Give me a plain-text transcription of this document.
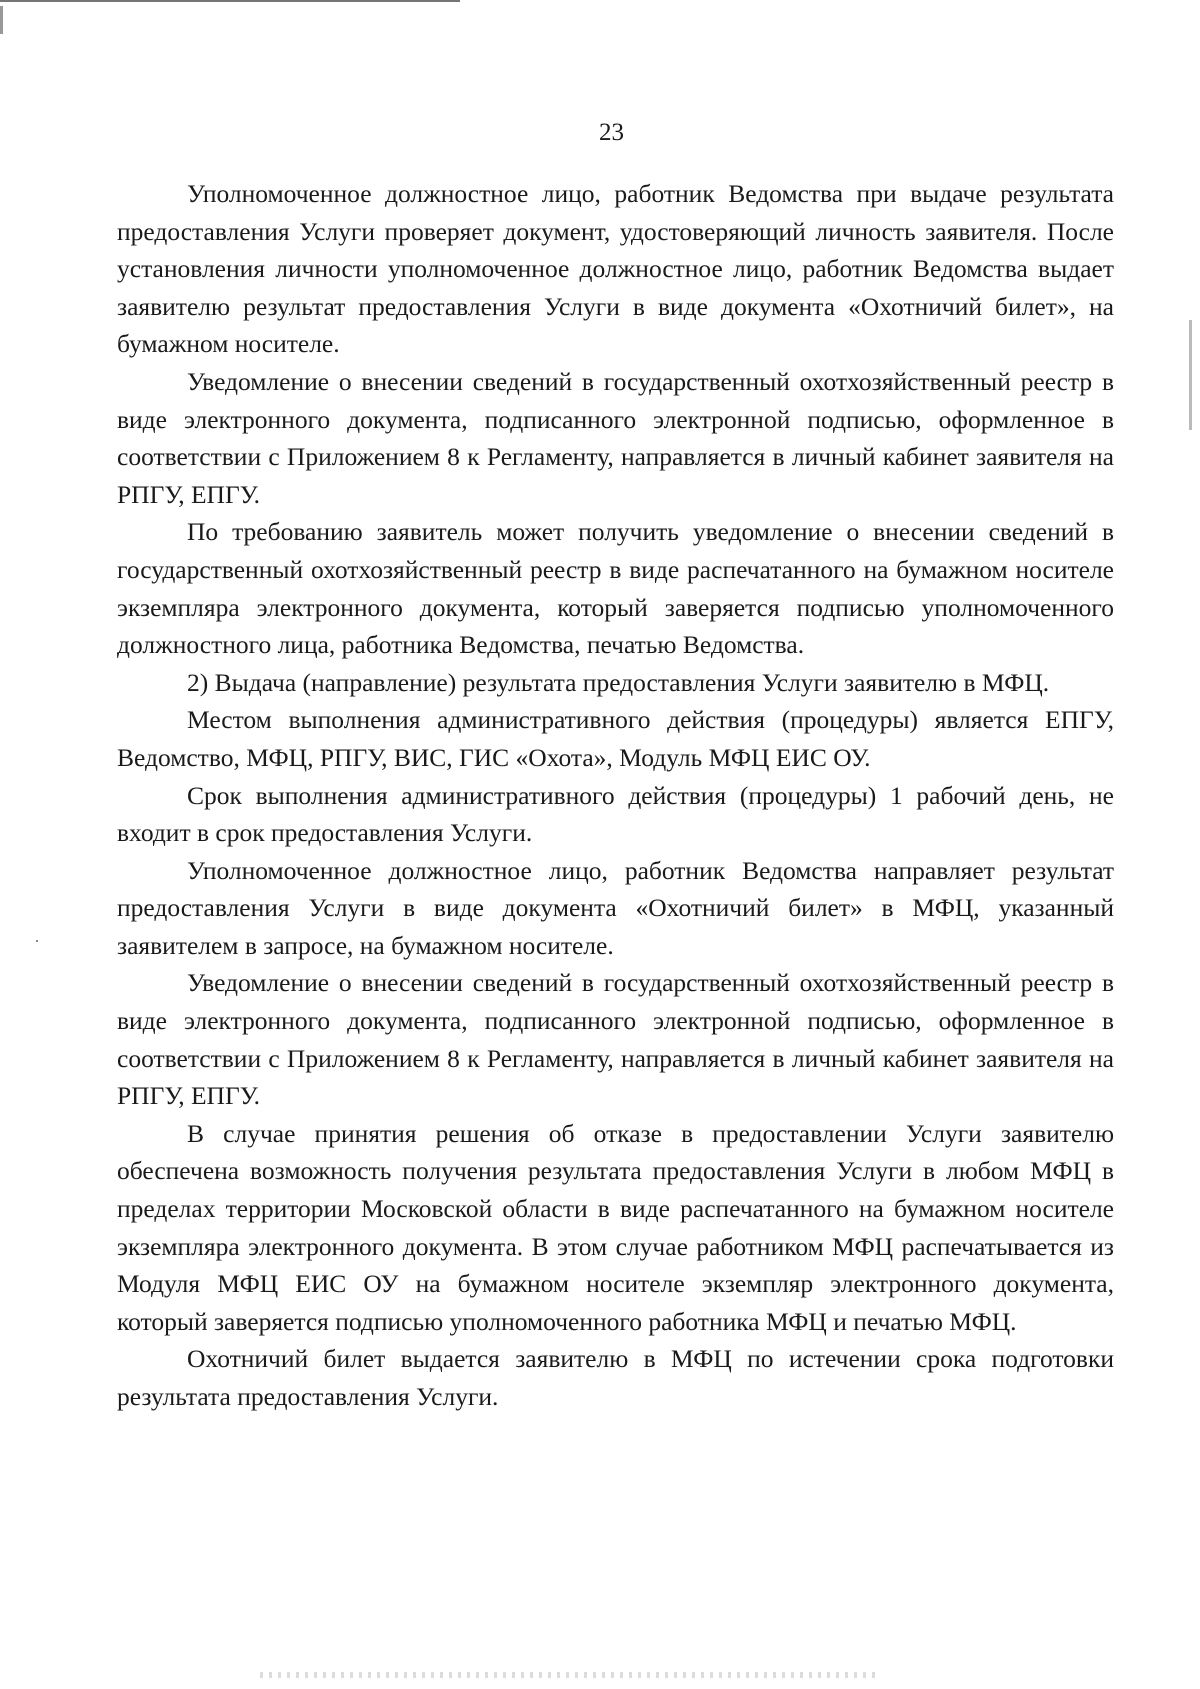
23

Уполномоченное должностное лицо, работник Ведомства при выдаче результата предоставления Услуги проверяет документ, удостоверяющий личность заявителя. После установления личности уполномоченное должностное лицо, работник Ведомства выдает заявителю результат предоставления Услуги в виде документа «Охотничий билет», на бумажном носителе.

Уведомление о внесении сведений в государственный охотхозяйственный реестр в виде электронного документа, подписанного электронной подписью, оформленное в соответствии с Приложением 8 к Регламенту, направляется в личный кабинет заявителя на РПГУ, ЕПГУ.

По требованию заявитель может получить уведомление о внесении сведений в государственный охотхозяйственный реестр в виде распечатанного на бумажном носителе экземпляра электронного документа, который заверяется подписью уполномоченного должностного лица, работника Ведомства, печатью Ведомства.

2) Выдача (направление) результата предоставления Услуги заявителю в МФЦ.

Местом выполнения административного действия (процедуры) является ЕПГУ, Ведомство, МФЦ, РПГУ, ВИС, ГИС «Охота», Модуль МФЦ ЕИС ОУ.

Срок выполнения административного действия (процедуры) 1 рабочий день, не входит в срок предоставления Услуги.

Уполномоченное должностное лицо, работник Ведомства направляет результат предоставления Услуги в виде документа «Охотничий билет» в МФЦ, указанный заявителем в запросе, на бумажном носителе.

Уведомление о внесении сведений в государственный охотхозяйственный реестр в виде электронного документа, подписанного электронной подписью, оформленное в соответствии с Приложением 8 к Регламенту, направляется в личный кабинет заявителя на РПГУ, ЕПГУ.

В случае принятия решения об отказе в предоставлении Услуги заявителю обеспечена возможность получения результата предоставления Услуги в любом МФЦ в пределах территории Московской области в виде распечатанного на бумажном носителе экземпляра электронного документа. В этом случае работником МФЦ распечатывается из Модуля МФЦ ЕИС ОУ на бумажном носителе экземпляр электронного документа, который заверяется подписью уполномоченного работника МФЦ и печатью МФЦ.

Охотничий билет выдается заявителю в МФЦ по истечении срока подготовки результата предоставления Услуги.
